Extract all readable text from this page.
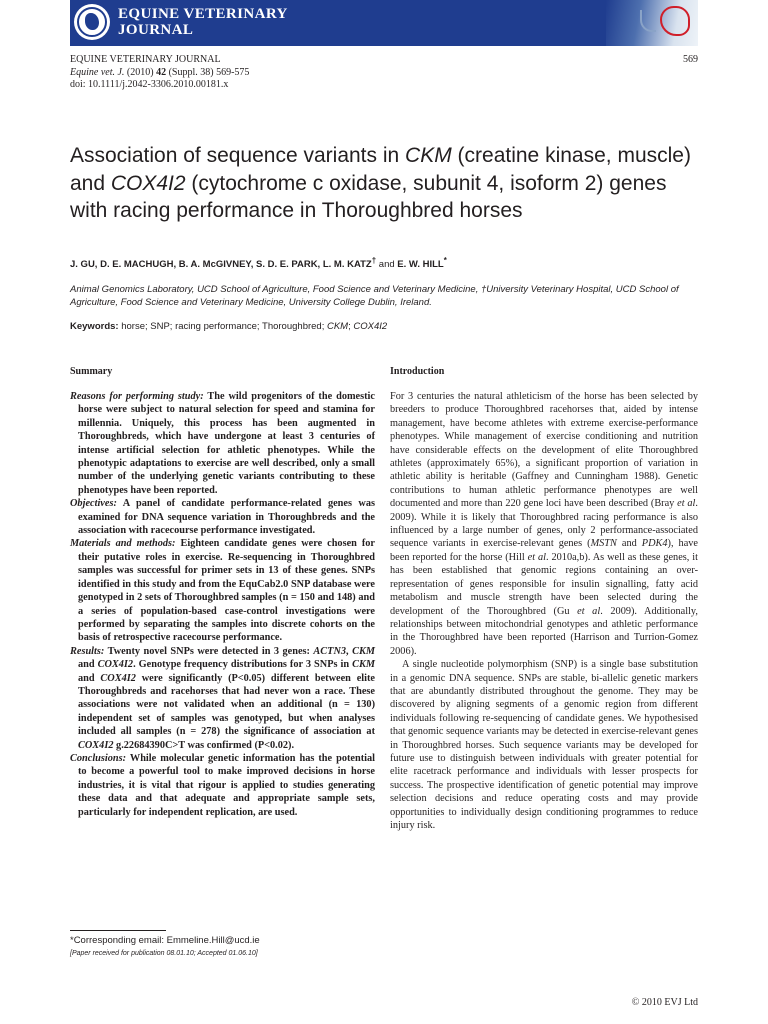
EQUINE VETERINARY
JOURNAL
569
EQUINE VETERINARY JOURNAL
Equine vet. J. (2010) 42 (Suppl. 38) 569-575
doi: 10.1111/j.2042-3306.2010.00181.x
Association of sequence variants in CKM (creatine kinase, muscle) and COX4I2 (cytochrome c oxidase, subunit 4, isoform 2) genes with racing performance in Thoroughbred horses
J. GU, D. E. MACHUGH, B. A. McGIVNEY, S. D. E. PARK, L. M. KATZ† and E. W. HILL*
Animal Genomics Laboratory, UCD School of Agriculture, Food Science and Veterinary Medicine, †University Veterinary Hospital, UCD School of Agriculture, Food Science and Veterinary Medicine, University College Dublin, Ireland.
Keywords: horse; SNP; racing performance; Thoroughbred; CKM; COX4I2
Summary	Introduction

Reasons for performing study: The wild progenitors of the domestic horse were subject to natural selection for speed and stamina for millennia. Uniquely, this process has been augmented in Thoroughbreds, which have undergone at least 3 centuries of intense artificial selection for athletic phenotypes. While the phenotypic adaptations to exercise are well described, only a small number of the underlying genetic variants contributing to these phenotypes have been reported.

Objectives: A panel of candidate performance-related genes was examined for DNA sequence variation in Thoroughbreds and the association with racecourse performance investigated.

Materials and methods: Eighteen candidate genes were chosen for their putative roles in exercise. Re-sequencing in Thoroughbred samples was successful for primer sets in 13 of these genes. SNPs identified in this study and from the EquCab2.0 SNP database were genotyped in 2 sets of Thoroughbred samples (n = 150 and 148) and a series of population-based case-control investigations were performed by separating the samples into discrete cohorts on the basis of retrospective racecourse performance.

Results: Twenty novel SNPs were detected in 3 genes: ACTN3, CKM and COX4I2. Genotype frequency distributions for 3 SNPs in CKM and COX4I2 were significantly (P<0.05) different between elite Thoroughbreds and racehorses that had never won a race. These associations were not validated when an additional (n = 130) independent set of samples was genotyped, but when analyses included all samples (n = 278) the significance of association at COX4I2 g.22684390C>T was confirmed (P<0.02).

Conclusions: While molecular genetic information has the potential to become a powerful tool to make improved decisions in horse industries, it is vital that rigour is applied to studies generating these data and that adequate and appropriate sample sets, particularly for independent replication, are used.

For 3 centuries the natural athleticism of the horse has been selected by breeders to produce Thoroughbred racehorses that, aided by intense management, have become athletes with extreme exercise-performance phenotypes. While management of exercise conditioning and nutrition have considerable effects on the development of elite Thoroughbred athletes (approximately 65%), a significant proportion of variation in athletic ability is heritable (Gaffney and Cunningham 1988). Genetic contributions to human athletic performance phenotypes are well documented and more than 220 gene loci have been described (Bray et al. 2009). While it is likely that Thoroughbred racing performance is also influenced by a large number of genes, only 2 performance-associated sequence variants in exercise-relevant genes (MSTN and PDK4), have been reported for the horse (Hill et al. 2010a,b). As well as these genes, it has been established that genomic regions containing an over-representation of genes responsible for insulin signalling, fatty acid metabolism and muscle strength have been selected during the development of the Thoroughbred (Gu et al. 2009). Additionally, relationships between mitochondrial genotypes and athletic performance in the Thoroughbred have been reported (Harrison and Turrion-Gomez 2006).

A single nucleotide polymorphism (SNP) is a single base substitution in a genomic DNA sequence. SNPs are stable, bi-allelic genetic markers that are abundantly distributed throughout the genome. They may be discovered by aligning segments of a genomic region from different individuals following re-sequencing of candidate genes. We hypothesised that genomic sequence variants may be detected in exercise-relevant genes in Thoroughbred horses. Such sequence variants may be developed for future use to distinguish between individuals with greater potential for elite racetrack performance and individuals with lesser prospects for success. The prospective identification of genetic potential may improve selection decisions and reduce operating costs and may provide opportunities to individually design conditioning programmes to reduce injury risk.

*Corresponding email: Emmeline.Hill@ucd.ie
[Paper received for publication 08.01.10; Accepted 01.06.10]
© 2010 EVJ Ltd
